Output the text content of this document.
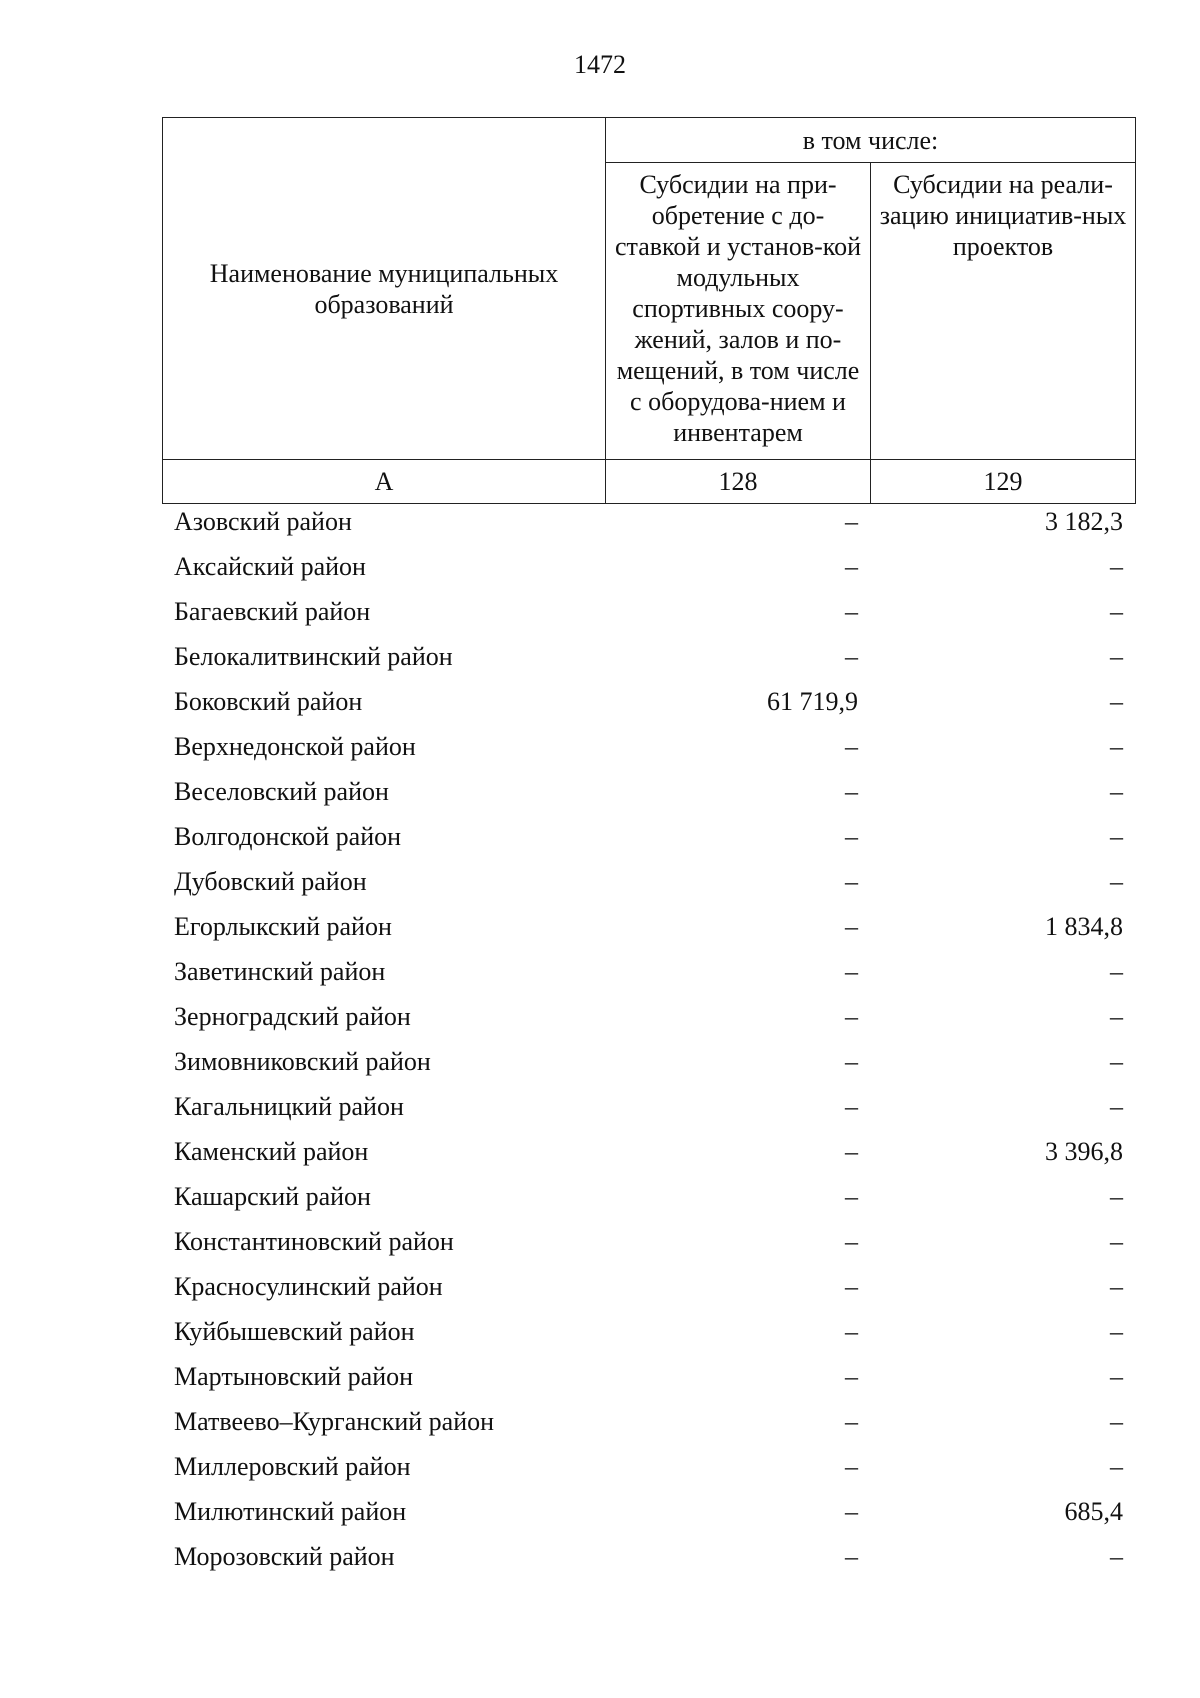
1472
Наименование муниципальных образований	в том числе:	
	Субсидии на при-обретение с до-ставкой и установ-кой модульных спортивных соору-жений, залов и по-мещений, в том числе с оборудова-нием и инвентарем	Субсидии на реали-зацию инициатив-ных проектов
А	128	129
Азовский район	–	3 182,3
Аксайский район	–	–
Багаевский район	–	–
Белокалитвинский район	–	–
Боковский район	61 719,9	–
Верхнедонской район	–	–
Веселовский район	–	–
Волгодонской район	–	–
Дубовский район	–	–
Егорлыкский район	–	1 834,8
Заветинский район	–	–
Зерноградский район	–	–
Зимовниковский район	–	–
Кагальницкий район	–	–
Каменский район	–	3 396,8
Кашарский район	–	–
Константиновский район	–	–
Красносулинский район	–	–
Куйбышевский район	–	–
Мартыновский район	–	–
Матвеево–Курганский район	–	–
Миллеровский район	–	–
Милютинский район	–	685,4
Морозовский район	–	–
